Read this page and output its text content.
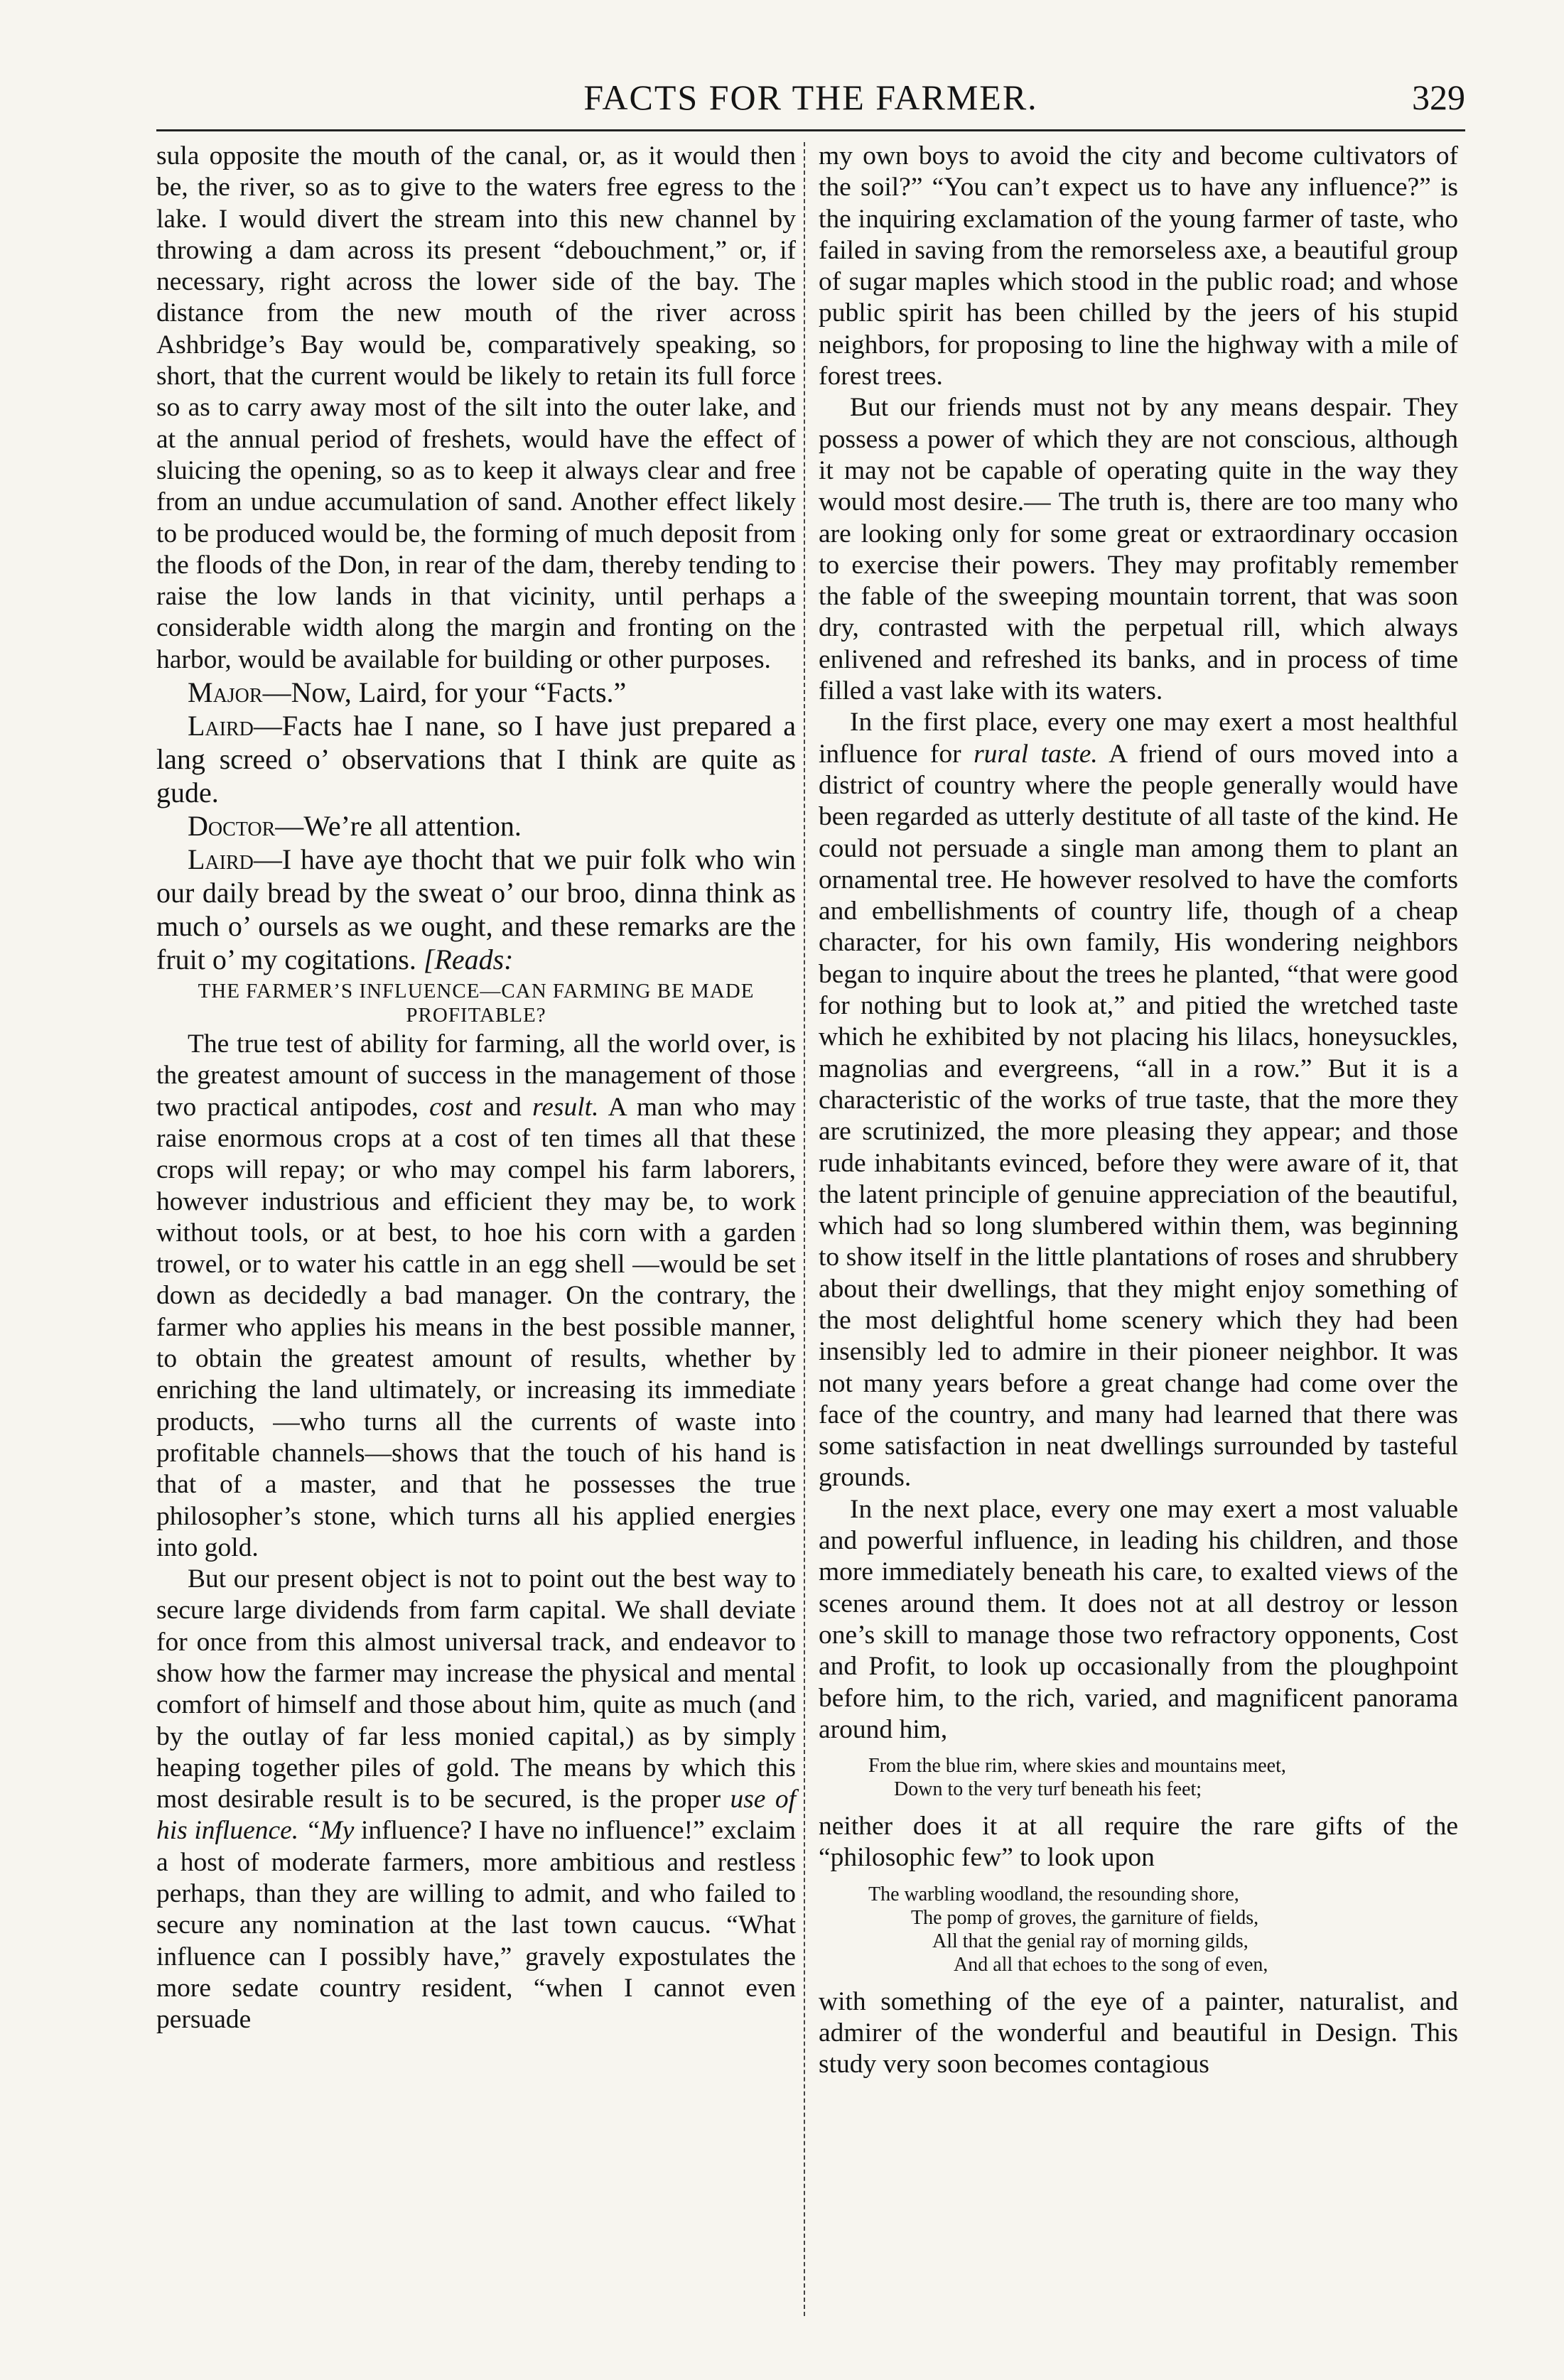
FACTS FOR THE FARMER.	329

sula opposite the mouth of the canal, or, as it would then be, the river, so as to give to the waters free egress to the lake. I would divert the stream into this new channel by throwing a dam across its present “debouchment,” or, if necessary, right across the lower side of the bay. The distance from the new mouth of the river across Ashbridge’s Bay would be, comparatively speaking, so short, that the current would be likely to retain its full force so as to carry away most of the silt into the outer lake, and at the annual period of freshets, would have the effect of sluicing the opening, so as to keep it always clear and free from an undue accumulation of sand. Another effect likely to be produced would be, the forming of much deposit from the floods of the Don, in rear of the dam, thereby tending to raise the low lands in that vicinity, until perhaps a considerable width along the margin and fronting on the harbor, would be available for building or other purposes.

Major—Now, Laird, for your “Facts.”

Laird—Facts hae I nane, so I have just prepared a lang screed o’ observations that I think are quite as gude.

Doctor—We’re all attention.

Laird—I have aye thocht that we puir folk who win our daily bread by the sweat o’ our broo, dinna think as much o’ oursels as we ought, and these remarks are the fruit o’ my cogitations. [Reads:

THE FARMER’S INFLUENCE—CAN FARMING BE MADE PROFITABLE?

The true test of ability for farming, all the world over, is the greatest amount of success in the management of those two practical antipodes, cost and result. A man who may raise enormous crops at a cost of ten times all that these crops will repay; or who may compel his farm laborers, however industrious and efficient they may be, to work without tools, or at best, to hoe his corn with a garden trowel, or to water his cattle in an egg shell —would be set down as decidedly a bad manager. On the contrary, the farmer who applies his means in the best possible manner, to obtain the greatest amount of results, whether by enriching the land ultimately, or increasing its immediate products, —who turns all the currents of waste into profitable channels—shows that the touch of his hand is that of a master, and that he possesses the true philosopher’s stone, which turns all his applied energies into gold.

But our present object is not to point out the best way to secure large dividends from farm capital. We shall deviate for once from this almost universal track, and endeavor to show how the farmer may increase the physical and mental comfort of himself and those about him, quite as much (and by the outlay of far less monied capital,) as by simply heaping together piles of gold. The means by which this most desirable result is to be secured, is the proper use of his influence. “My influence? I have no influence!” exclaim a host of moderate farmers, more ambitious and restless perhaps, than they are willing to admit, and who failed to secure any nomination at the last town caucus. “What influence can I possibly have,” gravely expostulates the more sedate country resident, “when I cannot even persuade

my own boys to avoid the city and become cultivators of the soil?” “You can’t expect us to have any influence?” is the inquiring exclamation of the young farmer of taste, who failed in saving from the remorseless axe, a beautiful group of sugar maples which stood in the public road; and whose public spirit has been chilled by the jeers of his stupid neighbors, for proposing to line the highway with a mile of forest trees.

But our friends must not by any means despair. They possess a power of which they are not conscious, although it may not be capable of operating quite in the way they would most desire.— The truth is, there are too many who are looking only for some great or extraordinary occasion to exercise their powers. They may profitably remember the fable of the sweeping mountain torrent, that was soon dry, contrasted with the perpetual rill, which always enlivened and refreshed its banks, and in process of time filled a vast lake with its waters.

In the first place, every one may exert a most healthful influence for rural taste. A friend of ours moved into a district of country where the people generally would have been regarded as utterly destitute of all taste of the kind. He could not persuade a single man among them to plant an ornamental tree. He however resolved to have the comforts and embellishments of country life, though of a cheap character, for his own family, His wondering neighbors began to inquire about the trees he planted, “that were good for nothing but to look at,” and pitied the wretched taste which he exhibited by not placing his lilacs, honeysuckles, magnolias and evergreens, “all in a row.” But it is a characteristic of the works of true taste, that the more they are scrutinized, the more pleasing they appear; and those rude inhabitants evinced, before they were aware of it, that the latent principle of genuine appreciation of the beautiful, which had so long slumbered within them, was beginning to show itself in the little plantations of roses and shrubbery about their dwellings, that they might enjoy something of the most delightful home scenery which they had been insensibly led to admire in their pioneer neighbor. It was not many years before a great change had come over the face of the country, and many had learned that there was some satisfaction in neat dwellings surrounded by tasteful grounds.

In the next place, every one may exert a most valuable and powerful influence, in leading his children, and those more immediately beneath his care, to exalted views of the scenes around them. It does not at all destroy or lesson one’s skill to manage those two refractory opponents, Cost and Profit, to look up occasionally from the ploughpoint before him, to the rich, varied, and magnificent panorama around him,

From the blue rim, where skies and mountains meet,
Down to the very turf beneath his feet;

neither does it at all require the rare gifts of the “philosophic few” to look upon

The warbling woodland, the resounding shore,
The pomp of groves, the garniture of fields,
All that the genial ray of morning gilds,
And all that echoes to the song of even,

with something of the eye of a painter, naturalist, and admirer of the wonderful and beautiful in Design. This study very soon becomes contagious
